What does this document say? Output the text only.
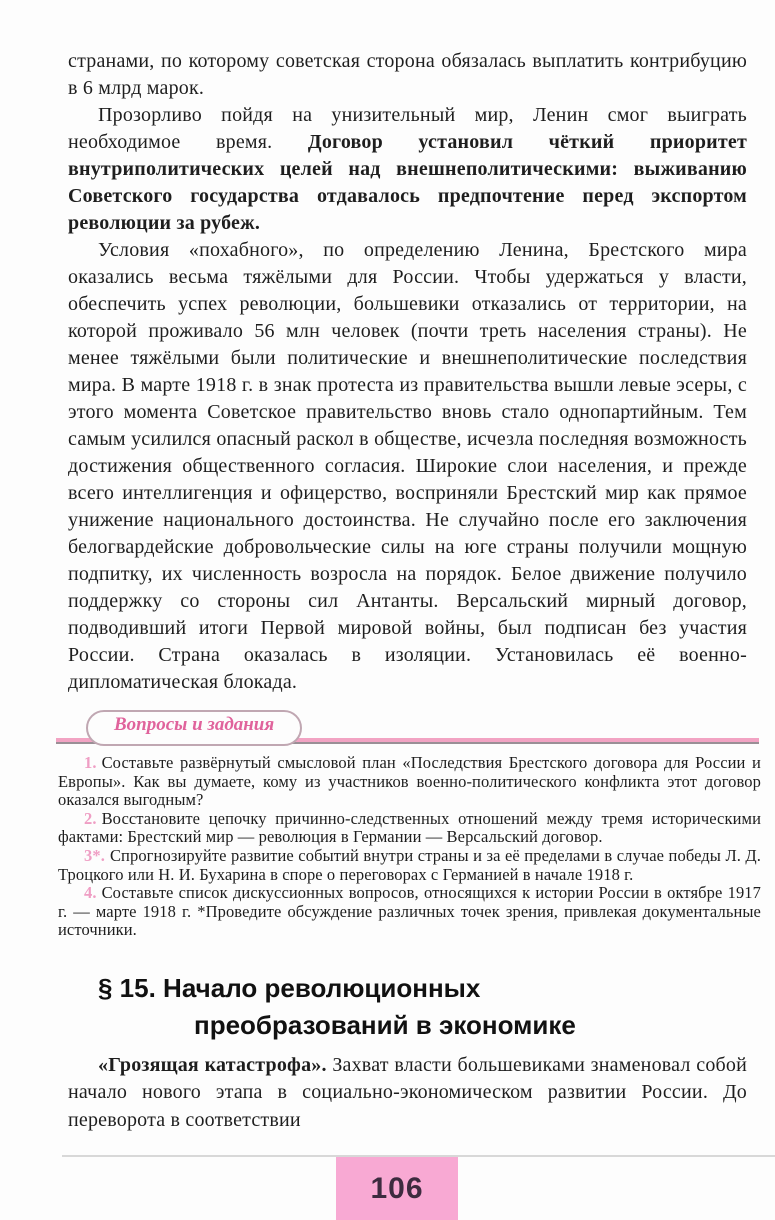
странами, по которому советская сторона обязалась выплатить контрибуцию в 6 млрд марок.

Прозорливо пойдя на унизительный мир, Ленин смог выиграть необходимое время. Договор установил чёткий приоритет внутриполитических целей над внешнеполитическими: выживанию Советского государства отдавалось предпочтение перед экспортом революции за рубеж.

Условия «похабного», по определению Ленина, Брестского мира оказались весьма тяжёлыми для России. Чтобы удержаться у власти, обеспечить успех революции, большевики отказались от территории, на которой проживало 56 млн человек (почти треть населения страны). Не менее тяжёлыми были политические и внешнеполитические последствия мира. В марте 1918 г. в знак протеста из правительства вышли левые эсеры, с этого момента Советское правительство вновь стало однопартийным. Тем самым усилился опасный раскол в обществе, исчезла последняя возможность достижения общественного согласия. Широкие слои населения, и прежде всего интеллигенция и офицерство, восприняли Брестский мир как прямое унижение национального достоинства. Не случайно после его заключения белогвардейские добровольческие силы на юге страны получили мощную подпитку, их численность возросла на порядок. Белое движение получило поддержку со стороны сил Антанты. Версальский мирный договор, подводивший итоги Первой мировой войны, был подписан без участия России. Страна оказалась в изоляции. Установилась её военно-дипломатическая блокада.

Вопросы и задания

1. Составьте развёрнутый смысловой план «Последствия Брестского договора для России и Европы». Как вы думаете, кому из участников военно-политического конфликта этот договор оказался выгодным?

2. Восстановите цепочку причинно-следственных отношений между тремя историческими фактами: Брестский мир — революция в Германии — Версальский договор.

3*. Спрогнозируйте развитие событий внутри страны и за её пределами в случае победы Л. Д. Троцкого или Н. И. Бухарина в споре о переговорах с Германией в начале 1918 г.

4. Составьте список дискуссионных вопросов, относящихся к истории России в октябре 1917 г. — марте 1918 г. *Проведите обсуждение различных точек зрения, привлекая документальные источники.

§ 15. Начало революционных
преобразований в экономике

«Грозящая катастрофа». Захват власти большевиками знаменовал собой начало нового этапа в социально-экономическом развитии России. До переворота в соответствии

106
